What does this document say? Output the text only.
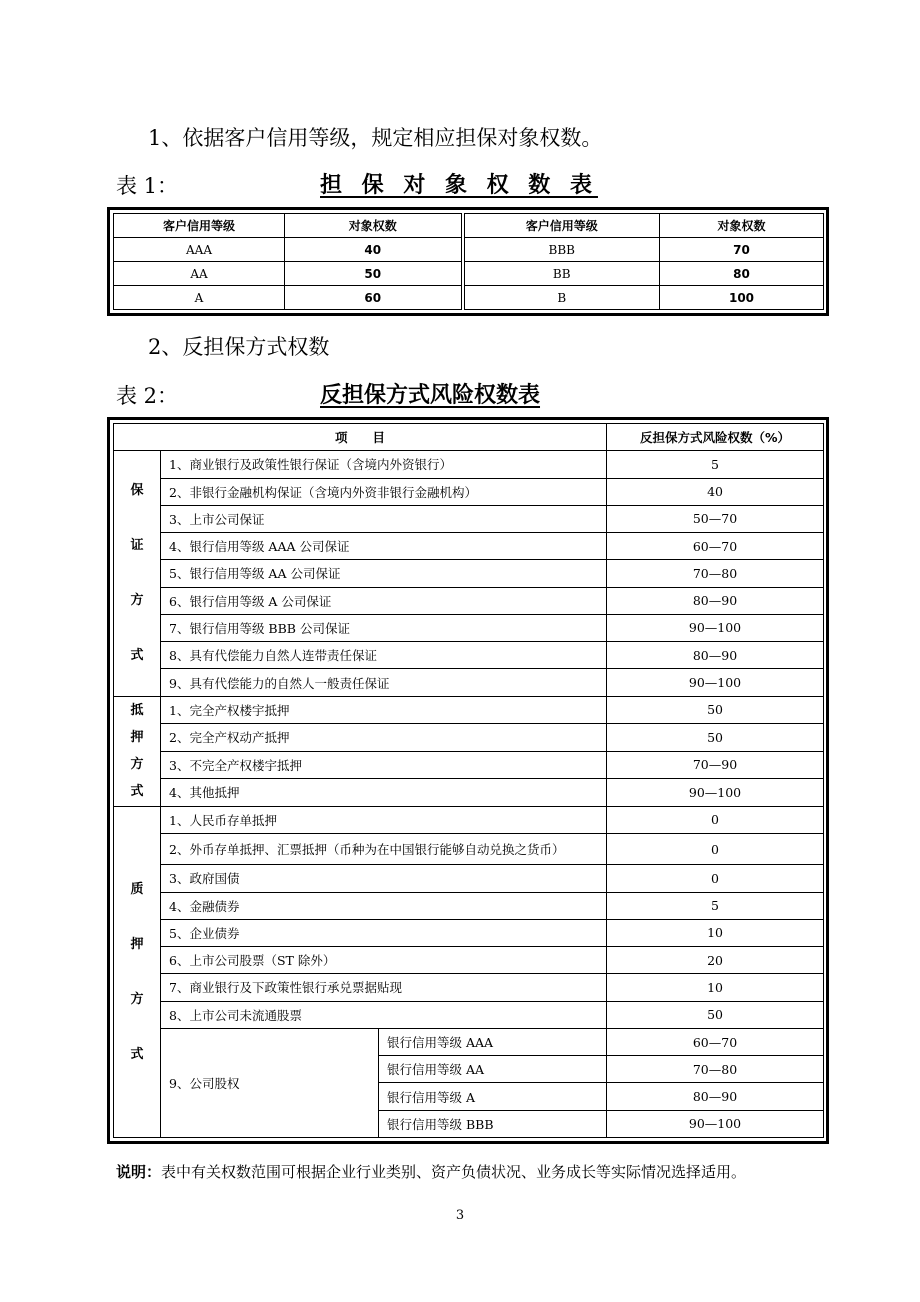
1、依据客户信用等级，规定相应担保对象权数。
表 1：	担 保 对 象 权 数 表
客户信用等级	对象权数	客户信用等级	对象权数
AAA	40	BBB	70
AA	50	BB	80
A	60	B	100
2、反担保方式权数
表 2：	反担保方式风险权数表
项　　目			反担保方式风险权数（%）

保
证
方
式	1、商业银行及政策性银行保证（含境内外资银行）		5
	2、非银行金融机构保证（含境内外资非银行金融机构）		40
	3、上市公司保证		50—70
	4、银行信用等级 AAA 公司保证		60—70
	5、银行信用等级 AA 公司保证		70—80
	6、银行信用等级 A 公司保证		80—90
	7、银行信用等级 BBB 公司保证		90—100
	8、具有代偿能力自然人连带责任保证		80—90
	9、具有代偿能力的自然人一般责任保证		90—100

抵
押
方
式	1、完全产权楼宇抵押		50
	2、完全产权动产抵押		50
	3、不完全产权楼宇抵押		70—90
	4、其他抵押		90—100

质
押
方
式	1、人民币存单抵押		0
	2、外币存单抵押、汇票抵押（币种为在中国银行能够自动兑换之货币）		0
	3、政府国债		0
	4、金融债券		5
	5、企业债券		10
	6、上市公司股票（ST 除外）		20
	7、商业银行及下政策性银行承兑票据贴现		10
	8、上市公司未流通股票		50
	9、公司股权	银行信用等级 AAA	60—70
		银行信用等级 AA	70—80
		银行信用等级 A	80—90
		银行信用等级 BBB	90—100
说明：表中有关权数范围可根据企业行业类别、资产负债状况、业务成长等实际情况选择适用。
3
